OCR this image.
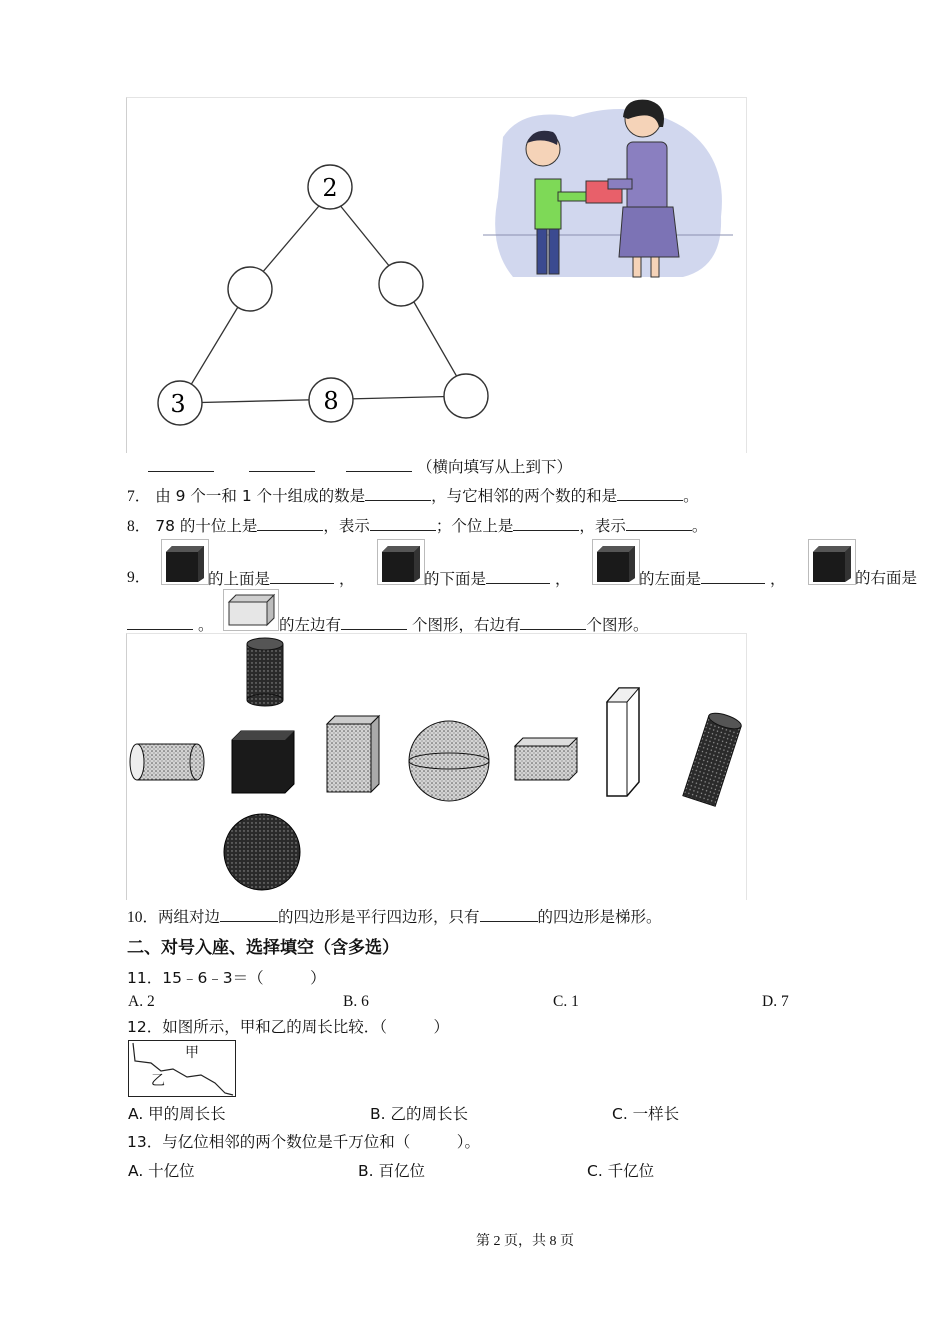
2
3	8
（横向填写从上到下）
7． 由 9 个一和 1 个十组成的数是	，与它相邻的两个数的和是	。
8． 78 的十位上是	，表示	；个位上是	，表示	。
9．	的上面是	，	的下面是	，	的左面是	，	的右面是
。	的左边有	个图形，右边有	个图形。
10．两组对边	的四边形是平行四边形，只有	的四边形是梯形。
二、对号入座、选择填空（含多选）
11．15﹣6﹣3＝（　　　）
A. 2	B. 6	C. 1	D. 7
12．如图所示，甲和乙的周长比较．（　　　）
甲
乙
A. 甲的周长长	B. 乙的周长长	C. 一样长
13．与亿位相邻的两个数位是千万位和（　　　）。
A. 十亿位	B. 百亿位	C. 千亿位
第 2 页，共 8 页
